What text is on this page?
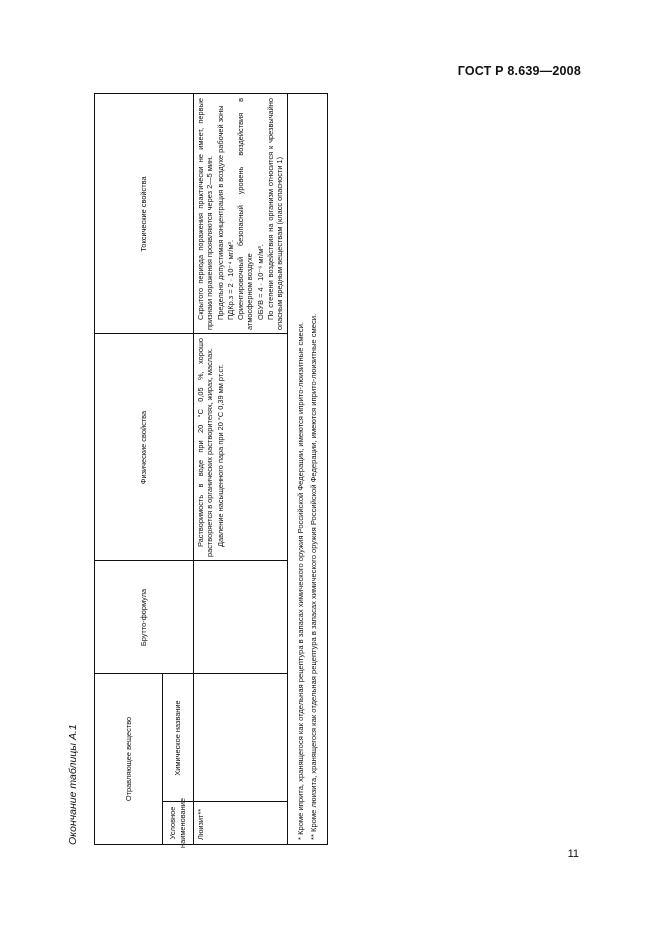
ГОСТ Р 8.639—2008
Окончание таблицы А.1	Отравляющее вещество
Условное наименование
Химическое название
Брутто-формула
Физические свойства
Токсические свойства
Люизит**

Растворимость в воде при 20 °С 0,05 %, хорошо растворяется в органических растворителях, жирах, маслах. Давление насыщенного пара при 20 °С 0,39 мм рт.ст.

Скрытого периода поражения практически не имеет, первые признаки поражения проявляются через 2—5 мин. Предельно допустимая концентрация в воздухе рабочей зоны ПДКр.з = 2 · 10⁻⁴ мг/м³. Ориентировочный безопасный уровень воздействия в атмосферном воздухе ОБУВ = 4 · 10⁻⁶ мг/м³. По степени воздействия на организм относится к чрезвычайно опасным вредным веществам (класс опасности 1)

* Кроме иприта, хранящегося как отдельная рецептура в запасах химического оружия Российской Федерации, имеются иприто-люизитные смеси. ** Кроме люизита, хранящегося как отдельная рецептура в запасах химического оружия Российской Федерации, имеются иприто-люизитные смеси.
11
